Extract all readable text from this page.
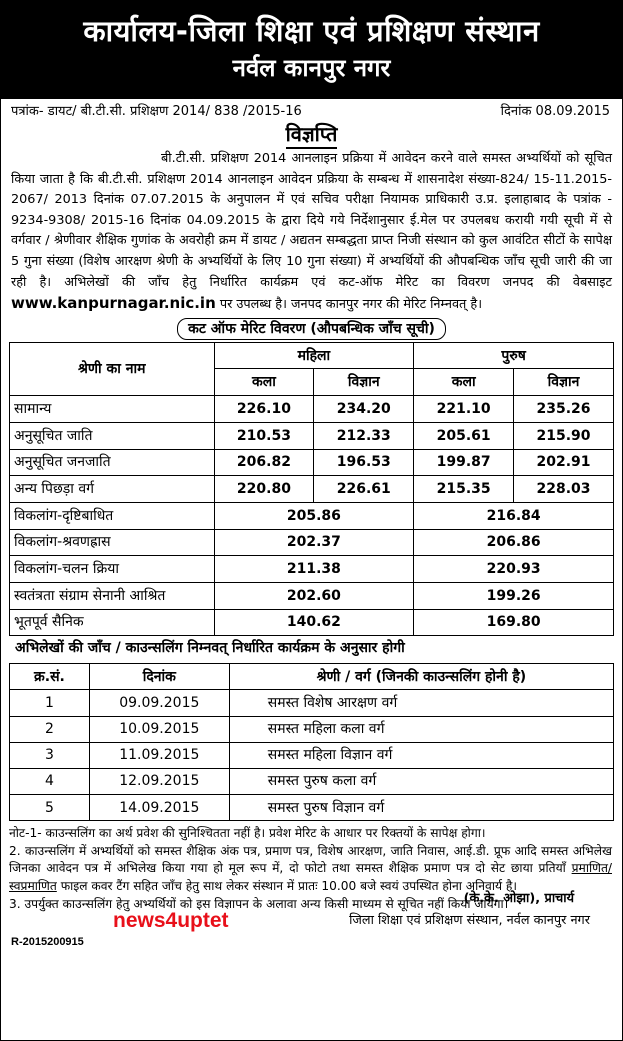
कार्यालय-जिला शिक्षा एवं प्रशिक्षण संस्थान
नर्वल कानपुर नगर
पत्रांक- डायट/ बी.टी.सी. प्रशिक्षण 2014/ 838 /2015-16	दिनांक 08.09.2015
विज्ञप्ति
बी.टी.सी. प्रशिक्षण 2014 आनलाइन प्रक्रिया में आवेदन करने वाले समस्त अभ्यर्थियों को सूचित किया जाता है कि बी.टी.सी. प्रशिक्षण 2014 आनलाइन आवेदन प्रक्रिया के सम्बन्ध में शासनादेश संख्या-824/ 15-11.2015-2067/ 2013 दिनांक 07.07.2015 के अनुपालन में एवं सचिव परीक्षा नियामक प्राधिकारी उ.प्र. इलाहाबाद के पत्रांक - 9234-9308/ 2015-16 दिनांक 04.09.2015 के द्वारा दिये गये निर्देशानुसार ई.मेल पर उपलबध करायी गयी सूची में से वर्गवार / श्रेणीवार शैक्षिक गुणांक के अवरोही क्रम में डायट / अद्यतन सम्बद्धता प्राप्त निजी संस्थान को कुल आवंटित सीटों के सापेक्ष 5 गुना संख्या (विशेष आरक्षण श्रेणी के अभ्यर्थियों के लिए 10 गुना संख्या) में अभ्यर्थियों की औपबन्धिक जाँच सूची जारी की जा रही है। अभिलेखों की जाँच हेतु निर्धारित कार्यक्रम एवं कट-ऑफ मेरिट का विवरण जनपद की वेबसाइट www.kanpurnagar.nic.in पर उपलब्ध है। जनपद कानपुर नगर की मेरिट निम्नवत् है।
कट ऑफ मेरिट विवरण (औपबन्धिक जाँच सूची)
श्रेणी का नाम	महिला		पुरुष	
	कला	विज्ञान	कला	विज्ञान
सामान्य	226.10	234.20	221.10	235.26
अनुसूचित जाति	210.53	212.33	205.61	215.90
अनुसूचित जनजाति	206.82	196.53	199.87	202.91
अन्य पिछड़ा वर्ग	220.80	226.61	215.35	228.03
विकलांग-दृष्टिबाधित	205.86		216.84	
विकलांग-श्रवणह्रास	202.37		206.86	
विकलांग-चलन क्रिया	211.38		220.93	
स्वतंत्रता संग्राम सेनानी आश्रित	202.60		199.26	
भूतपूर्व सैनिक	140.62		169.80	
अभिलेखों की जाँच / काउन्सलिंग निम्नवत् निर्धारित कार्यक्रम के अनुसार होगी
क्र.सं.	दिनांक	श्रेणी / वर्ग (जिनकी काउन्सलिंग होनी है)
1	09.09.2015	समस्त विशेष आरक्षण वर्ग
2	10.09.2015	समस्त महिला कला वर्ग
3	11.09.2015	समस्त महिला विज्ञान वर्ग
4	12.09.2015	समस्त पुरुष कला वर्ग
5	14.09.2015	समस्त पुरुष विज्ञान वर्ग
नोट-1- काउन्सलिंग का अर्थ प्रवेश की सुनिश्चितता नहीं है। प्रवेश मेरिट के आधार पर रिक्तयों के सापेक्ष होगा।
2. काउन्सलिंग में अभ्यर्थियों को समस्त शैक्षिक अंक पत्र, प्रमाण पत्र, विशेष आरक्षण, जाति निवास, आई.डी. प्रूफ आदि समस्त अभिलेख जिनका आवेदन पत्र में अभिलेख किया गया हो मूल रूप में, दो फोटो तथा समस्त शैक्षिक प्रमाण पत्र दो सेट छाया प्रतियाँ प्रमाणित/ स्वप्रमाणित फाइल कवर टैंग सहित जाँच हेतु साथ लेकर संस्थान में प्रातः 10.00 बजे स्वयं उपस्थित होना अनिवार्य है।
3. उपर्युक्त काउन्सलिंग हेतु अभ्यर्थियों को इस विज्ञापन के अलावा अन्य किसी माध्यम से सूचित नहीं किया जायेगा।
news4uptet
(के.के. ओझा), प्राचार्य
जिला शिक्षा एवं प्रशिक्षण संस्थान, नर्वल कानपुर नगर
R-2015200915
